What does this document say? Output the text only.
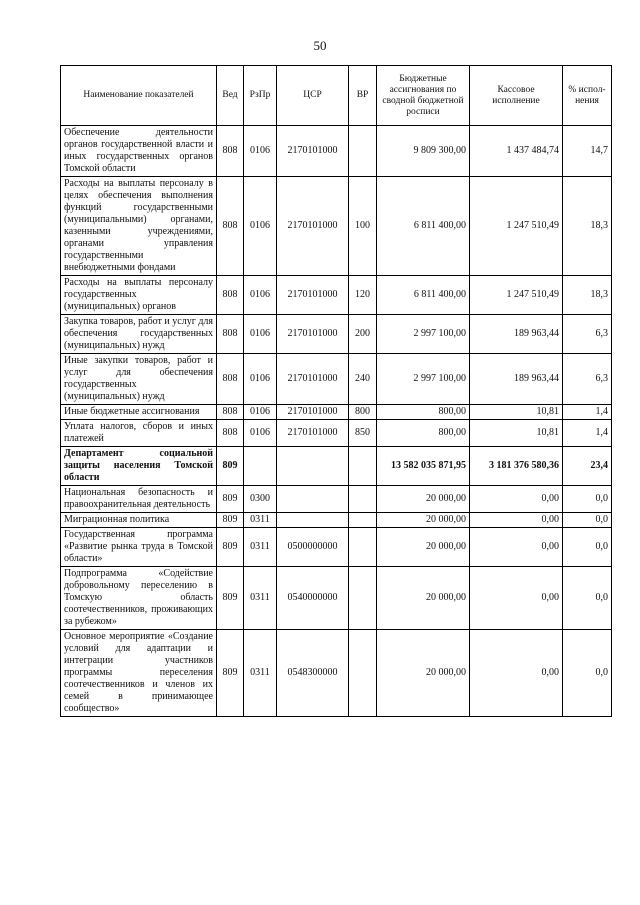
50
Наименование показателей	Вед	РзПр	ЦСР	ВР	Бюджетные ассигнования по сводной бюджетной росписи	Кассовое исполнение	% испол-нения
Обеспечение деятельности органов государственной власти и иных государственных органов Томской области	808	0106	2170101000		9 809 300,00	1 437 484,74	14,7
Расходы на выплаты персоналу в целях обеспечения выполнения функций государственными (муниципальными) органами, казенными учреждениями, органами управления государственными внебюджетными фондами	808	0106	2170101000	100	6 811 400,00	1 247 510,49	18,3
Расходы на выплаты персоналу государственных (муниципальных) органов	808	0106	2170101000	120	6 811 400,00	1 247 510,49	18,3
Закупка товаров, работ и услуг для обеспечения государственных (муниципальных) нужд	808	0106	2170101000	200	2 997 100,00	189 963,44	6,3
Иные закупки товаров, работ и услуг для обеспечения государственных (муниципальных) нужд	808	0106	2170101000	240	2 997 100,00	189 963,44	6,3
Иные бюджетные ассигнования	808	0106	2170101000	800	800,00	10,81	1,4
Уплата налогов, сборов и иных платежей	808	0106	2170101000	850	800,00	10,81	1,4
Департамент социальной защиты населения Томской области	809				13 582 035 871,95	3 181 376 580,36	23,4
Национальная безопасность и правоохранительная деятельность	809	0300			20 000,00	0,00	0,0
Миграционная политика	809	0311			20 000,00	0,00	0,0
Государственная программа «Развитие рынка труда в Томской области»	809	0311	0500000000		20 000,00	0,00	0,0
Подпрограмма «Содействие добровольному переселению в Томскую область соотечественников, проживающих за рубежом»	809	0311	0540000000		20 000,00	0,00	0,0
Основное мероприятие «Создание условий для адаптации и интеграции участников программы переселения соотечественников и членов их семей в принимающее сообщество»	809	0311	0548300000		20 000,00	0,00	0,0
